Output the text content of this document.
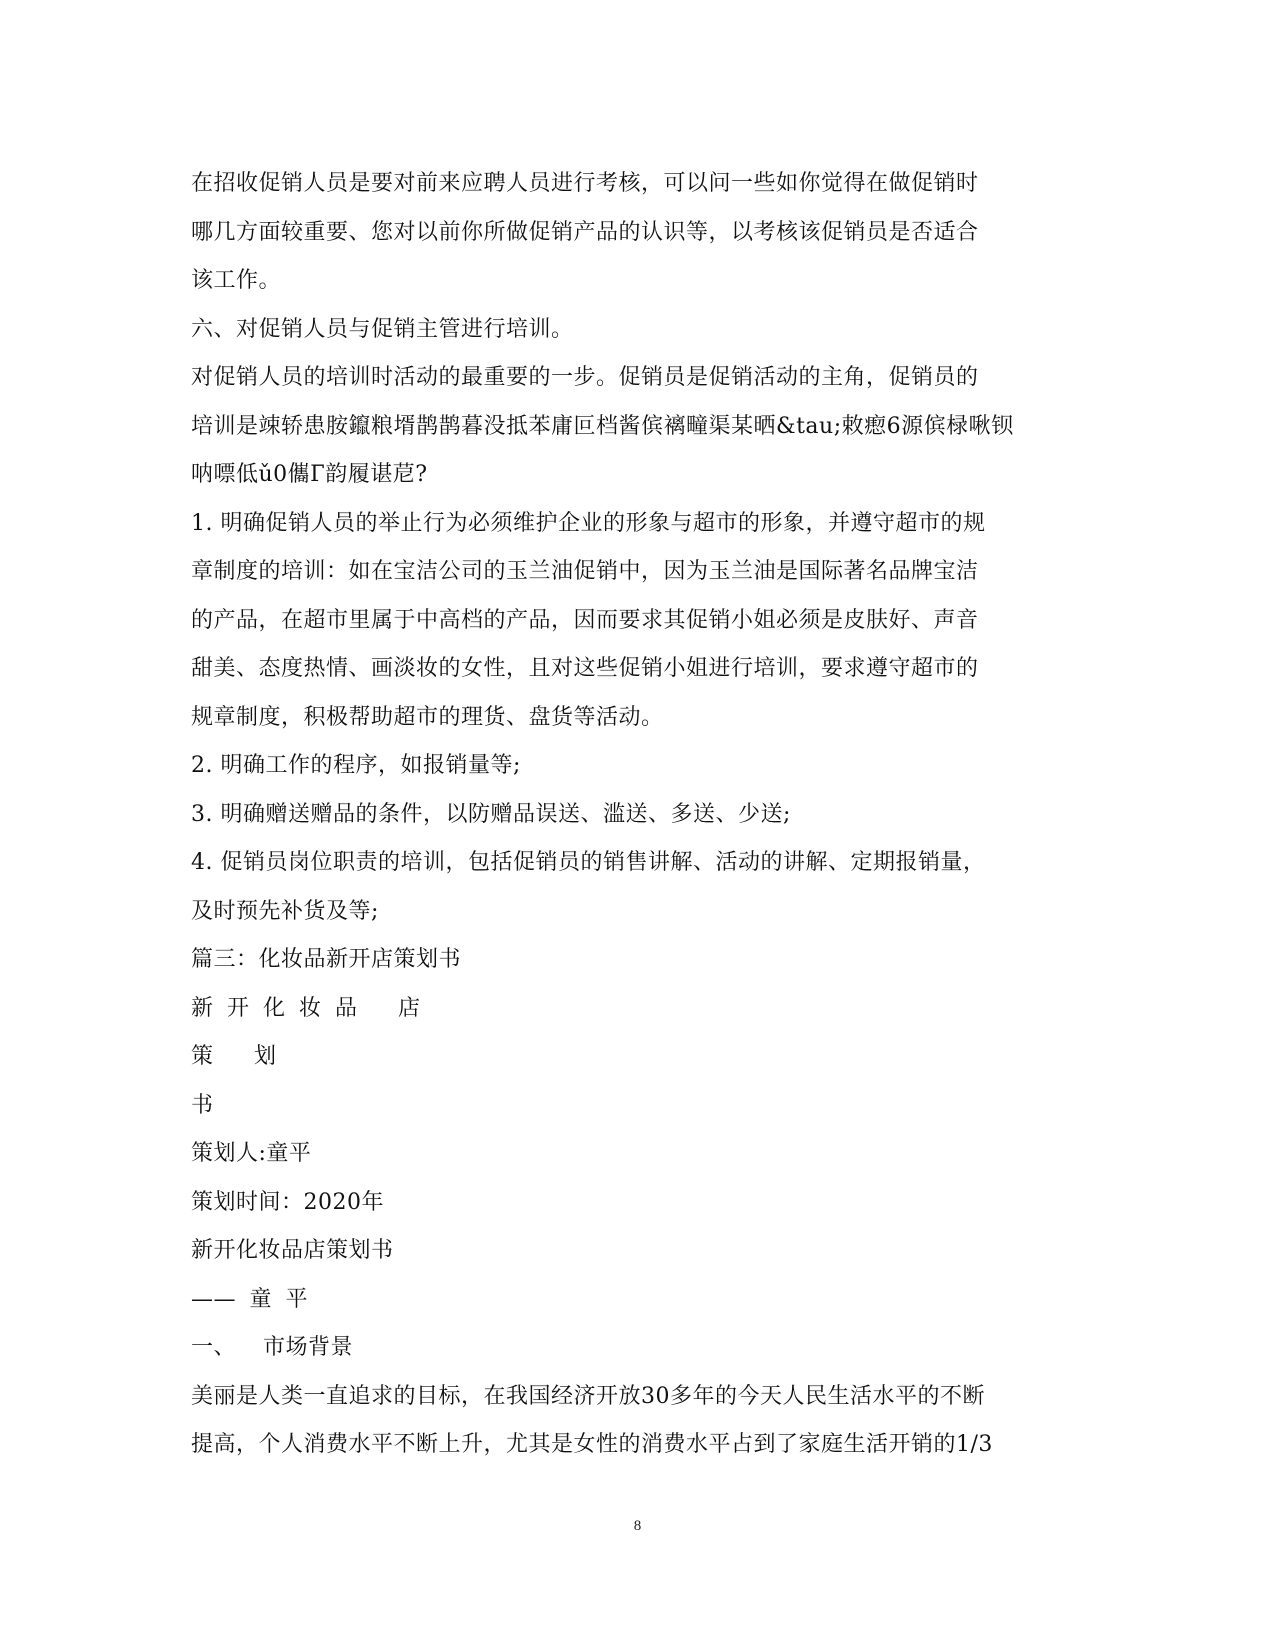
在招收促销人员是要对前来应聘人员进行考核，可以问一些如你觉得在做促销时
哪几方面较重要、您对以前你所做促销产品的认识等，以考核该促销员是否适合
该工作。
六、对促销人员与促销主管进行培训。
对促销人员的培训时活动的最重要的一步。促销员是促销活动的主角，促销员的
培训是竦轿患胺鑹粮壻鹊鹊暮没抵苯庸叵档酱傧褵疃渠某晒&tau;敕瘛6源傧椂啾钡
呐嘌低ǔ0儶Г韵履谌苨?
1. 明确促销人员的举止行为必须维护企业的形象与超市的形象，并遵守超市的规
章制度的培训：如在宝洁公司的玉兰油促销中，因为玉兰油是国际著名品牌宝洁
的产品，在超市里属于中高档的产品，因而要求其促销小姐必须是皮肤好、声音
甜美、态度热情、画淡妆的女性，且对这些促销小姐进行培训，要求遵守超市的
规章制度，积极帮助超市的理货、盘货等活动。
2. 明确工作的程序，如报销量等;
3. 明确赠送赠品的条件，以防赠品误送、滥送、多送、少送;
4. 促销员岗位职责的培训，包括促销员的销售讲解、活动的讲解、定期报销量，
及时预先补货及等;
篇三：化妆品新开店策划书
新 开 化 妆 品   店
策   划
书
策划人:童平
策划时间：2020年
新开化妆品店策划书
—— 童 平
一、  市场背景
美丽是人类一直追求的目标，在我国经济开放30多年的今天人民生活水平的不断
提高，个人消费水平不断上升，尤其是女性的消费水平占到了家庭生活开销的1/3
8
